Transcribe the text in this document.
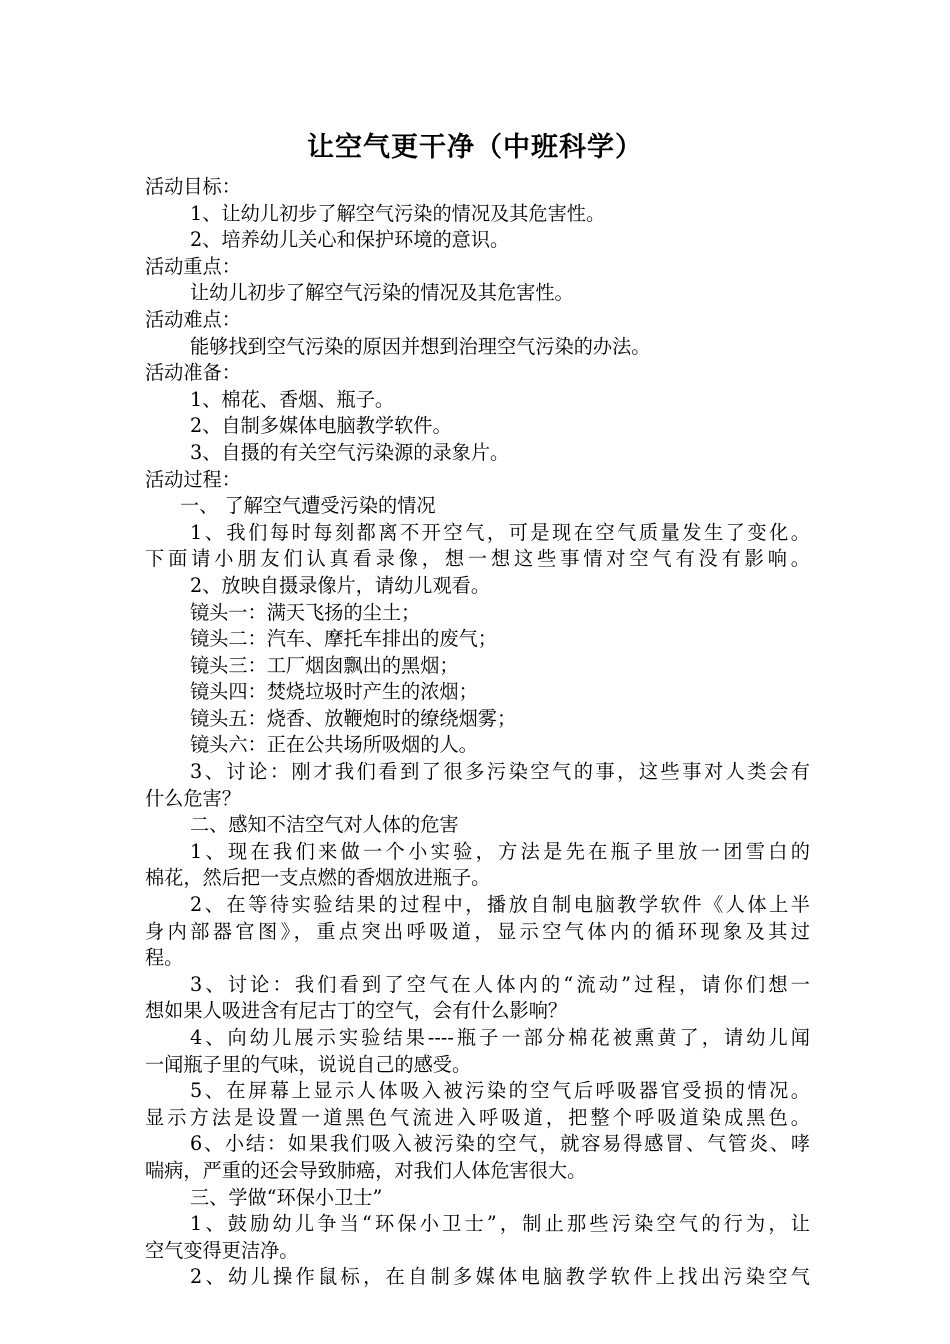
让空气更干净（中班科学）
活动目标：
1、让幼儿初步了解空气污染的情况及其危害性。
2、培养幼儿关心和保护环境的意识。
活动重点：
让幼儿初步了解空气污染的情况及其危害性。
活动难点：
能够找到空气污染的原因并想到治理空气污染的办法。
活动准备：
1、棉花、香烟、瓶子。
2、自制多媒体电脑教学软件。
3、自摄的有关空气污染源的录象片。
活动过程：
一、 了解空气遭受污染的情况
1、我们每时每刻都离不开空气，可是现在空气质量发生了变化。
下面请小朋友们认真看录像，想一想这些事情对空气有没有影响。
2、放映自摄录像片，请幼儿观看。
镜头一：满天飞扬的尘土；
镜头二：汽车、摩托车排出的废气；
镜头三：工厂烟囱飘出的黑烟；
镜头四：焚烧垃圾时产生的浓烟；
镜头五：烧香、放鞭炮时的缭绕烟雾；
镜头六：正在公共场所吸烟的人。
3、讨论：刚才我们看到了很多污染空气的事，这些事对人类会有
什么危害？
二、感知不洁空气对人体的危害
1、现在我们来做一个小实验，方法是先在瓶子里放一团雪白的
棉花，然后把一支点燃的香烟放进瓶子。
2、在等待实验结果的过程中，播放自制电脑教学软件《人体上半
身内部器官图》，重点突出呼吸道，显示空气体内的循环现象及其过
程。
3、讨论：我们看到了空气在人体内的“流动”过程，请你们想一
想如果人吸进含有尼古丁的空气，会有什么影响？
4、向幼儿展示实验结果----瓶子一部分棉花被熏黄了，请幼儿闻
一闻瓶子里的气味，说说自己的感受。
5、在屏幕上显示人体吸入被污染的空气后呼吸器官受损的情况。
显示方法是设置一道黑色气流进入呼吸道，把整个呼吸道染成黑色。
6、小结：如果我们吸入被污染的空气，就容易得感冒、气管炎、哮
喘病，严重的还会导致肺癌，对我们人体危害很大。
三、学做“环保小卫士”
1、鼓励幼儿争当“环保小卫士”，制止那些污染空气的行为，让
空气变得更洁净。
2、幼儿操作鼠标，在自制多媒体电脑教学软件上找出污染空气
